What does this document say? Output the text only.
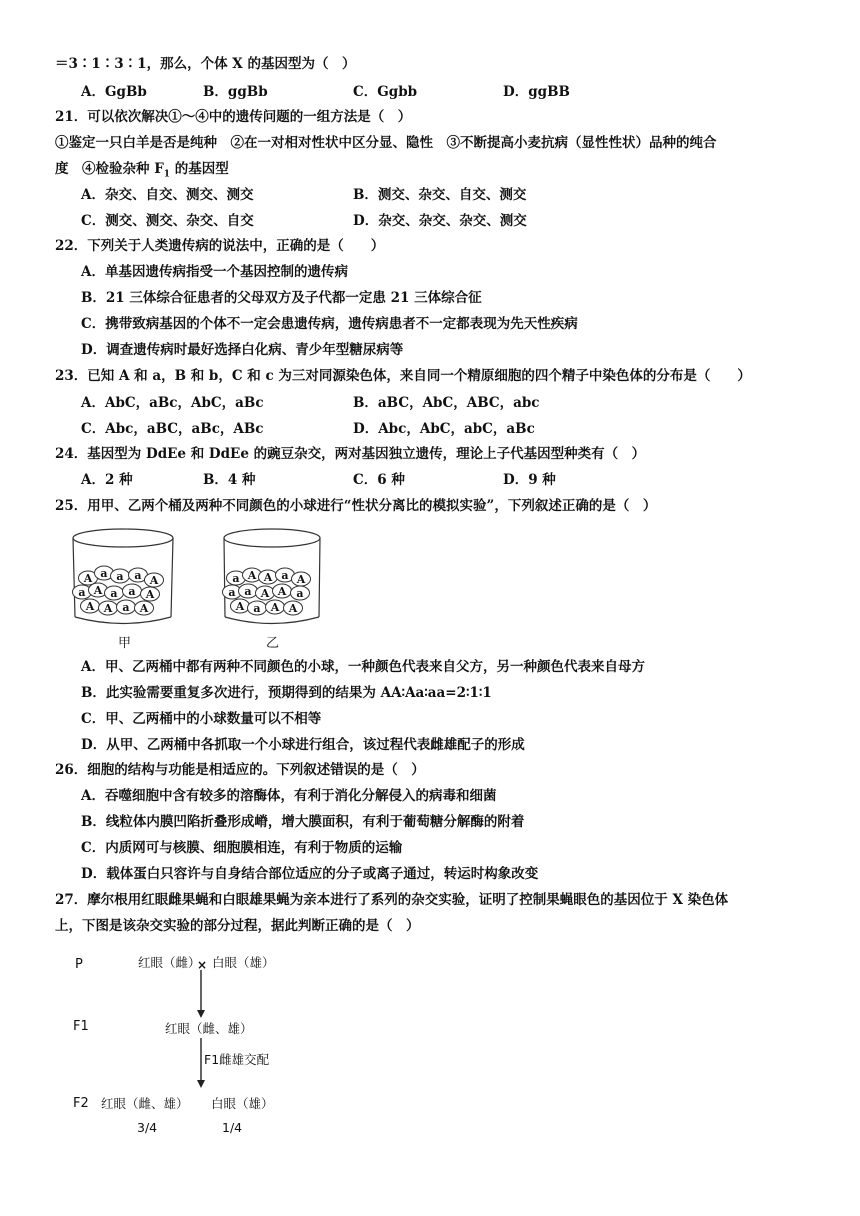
＝3∶1∶3∶1，那么，个体 X 的基因型为（　）
A．GgBb	B．ggBb	C．Ggbb	D．ggBB
21．可以依次解决①～④中的遗传问题的一组方法是（　）
①鉴定一只白羊是否是纯种　②在一对相对性状中区分显、隐性　③不断提高小麦抗病（显性性状）品种的纯合
度　④检验杂种 $F_1$ 的基因型
A．杂交、自交、测交、测交	B．测交、杂交、自交、测交
C．测交、测交、杂交、自交	D．杂交、杂交、杂交、测交
22．下列关于人类遗传病的说法中，正确的是（　　）
A．单基因遗传病指受一个基因控制的遗传病
B．21 三体综合征患者的父母双方及子代都一定患 21 三体综合征
C．携带致病基因的个体不一定会患遗传病，遗传病患者不一定都表现为先天性疾病
D．调查遗传病时最好选择白化病、青少年型糖尿病等
23．已知 A 和 a，B 和 b，C 和 c 为三对同源染色体，来自同一个精原细胞的四个精子中染色体的分布是（　　）
A．AbC，aBc，AbC，aBc	B．aBC，AbC，ABC，abc
C．Abc，aBC，aBc，ABc	D．Abc，AbC，abC，aBc
24．基因型为 DdEe 和 DdEe 的豌豆杂交，两对基因独立遗传，理论上子代基因型种类有（　）
A．2 种	B．4 种	C．6 种	D．9 种
25．用甲、乙两个桶及两种不同颜色的小球进行“性状分离比的模拟实验”，下列叙述正确的是（　）
A a a a A
a A a a A
A A a A
a A A a A
a a A A a
A a A A
甲	乙
A．甲、乙两桶中都有两种不同颜色的小球，一种颜色代表来自父方，另一种颜色代表来自母方
B．此实验需要重复多次进行，预期得到的结果为 AA∶Aa∶aa=2∶1∶1
C．甲、乙两桶中的小球数量可以不相等
D．从甲、乙两桶中各抓取一个小球进行组合，该过程代表雌雄配子的形成
26．细胞的结构与功能是相适应的。下列叙述错误的是（　）
A．吞噬细胞中含有较多的溶酶体，有利于消化分解侵入的病毒和细菌
B．线粒体内膜凹陷折叠形成嵴，增大膜面积，有利于葡萄糖分解酶的附着
C．内质网可与核膜、细胞膜相连，有利于物质的运输
D．载体蛋白只容许与自身结合部位适应的分子或离子通过，转运时构象改变
27．摩尔根用红眼雌果蝇和白眼雄果蝇为亲本进行了系列的杂交实验，证明了控制果蝇眼色的基因位于 X 染色体
上，下图是该杂交实验的部分过程，据此判断正确的是（　）
P	红眼（雌）
× 白眼（雄）
F1	红眼（雌、雄）
F1雌雄交配
F2 红眼（雌、雄） 白眼（雄）
3/4	1/4
